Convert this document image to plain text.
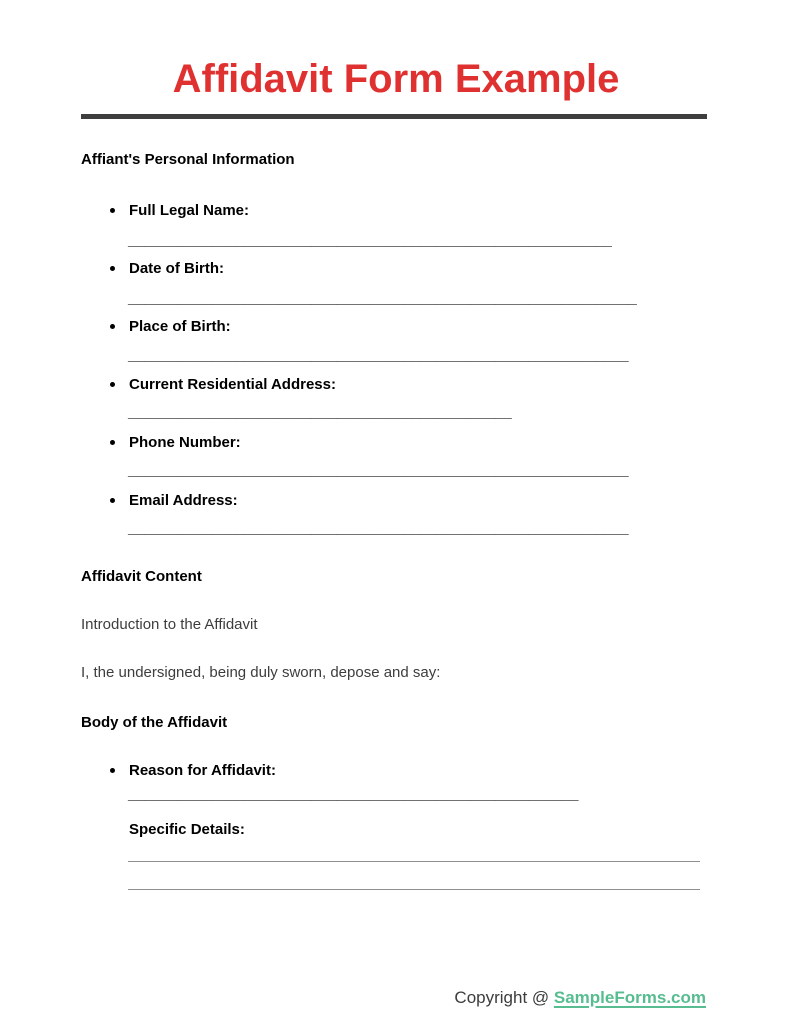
Affidavit Form Example
Affiant's Personal Information
Full Legal Name:
__________________________________________________________
Date of Birth:
_____________________________________________________________
Place of Birth:
____________________________________________________________
Current Residential Address:
______________________________________________
Phone Number:
____________________________________________________________
Email Address:
____________________________________________________________
Affidavit Content

Introduction to the Affidavit

I, the undersigned, being duly sworn, depose and say:

Body of the Affidavit
Reason for Affidavit:
______________________________________________________
Specific Details:
Copyright @ SampleForms.com
